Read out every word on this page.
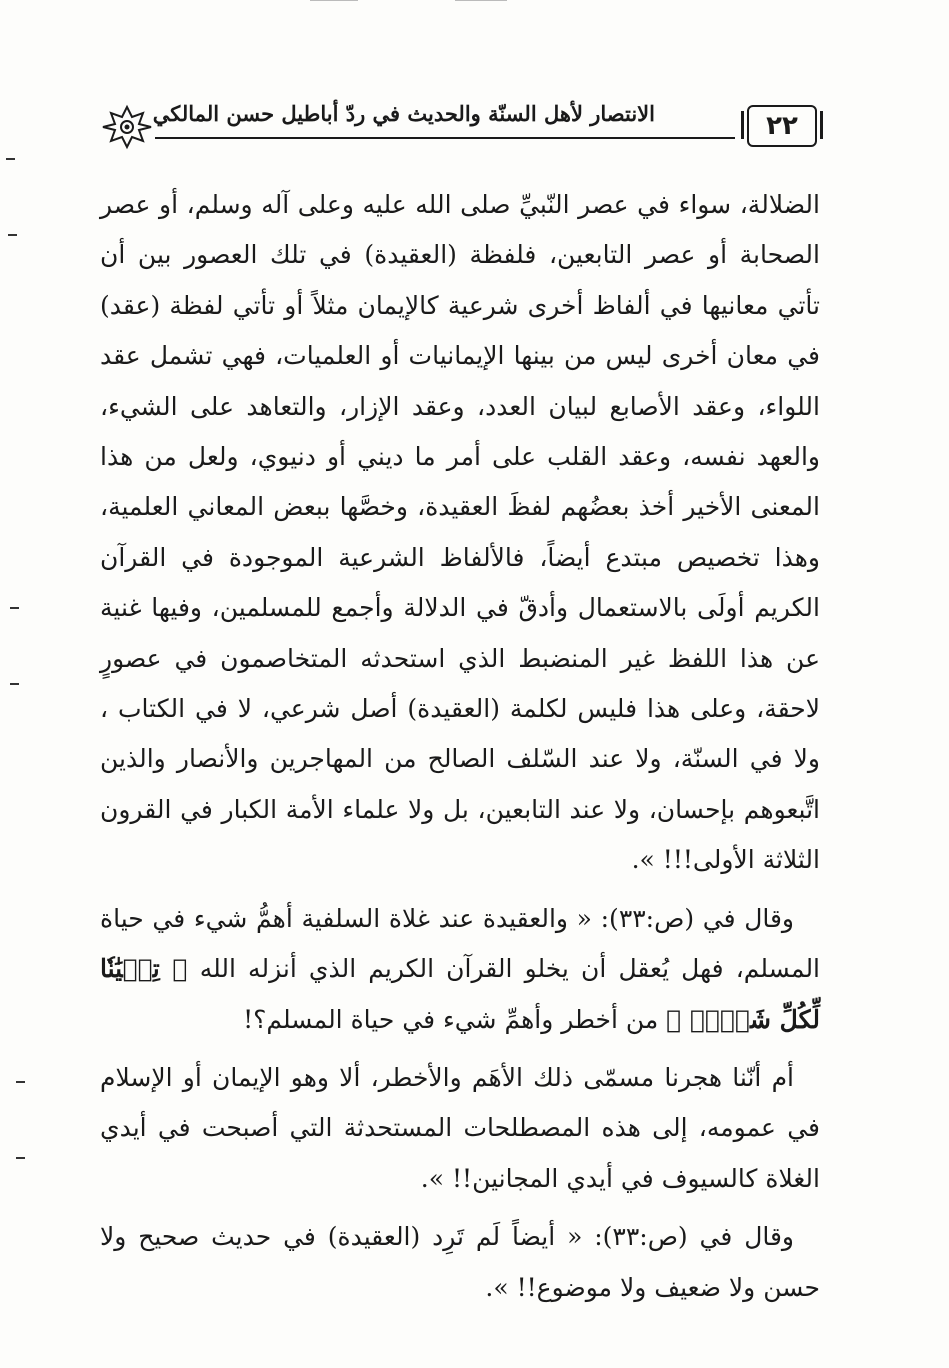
الانتصار لأهل السنّة والحديث في ردّ أباطيل حسن المالكي	٢٢

الضلالة، سواء في عصر النّبيِّ صلى الله عليه وعلى آله وسلم، أو عصر الصحابة أو عصر التابعين، فلفظة (العقيدة) في تلك العصور بين أن تأتي معانيها في ألفاظ أخرى شرعية كالإيمان مثلاً أو تأتي لفظة (عقد) في معان أخرى ليس من بينها الإيمانيات أو العلميات، فهي تشمل عقد اللواء، وعقد الأصابع لبيان العدد، وعقد الإزار، والتعاهد على الشيء، والعهد نفسه، وعقد القلب على أمر ما ديني أو دنيوي، ولعل من هذا المعنى الأخير أخذ بعضُهم لفظَ العقيدة، وخصَّها ببعض المعاني العلمية، وهذا تخصيص مبتدع أيضاً، فالألفاظ الشرعية الموجودة في القرآن الكريم أولَى بالاستعمال وأدقّ في الدلالة وأجمع للمسلمين، وفيها غنية عن هذا اللفظ غير المنضبط الذي استحدثه المتخاصمون في عصورٍ لاحقة، وعلى هذا فليس لكلمة (العقيدة) أصل شرعي، لا في الكتاب ، ولا في السنّة، ولا عند السّلف الصالح من المهاجرين والأنصار والذين اتَّبعوهم بإحسان، ولا عند التابعين، بل ولا علماء الأمة الكبار في القرون الثلاثة الأولى!!! ».

وقال في (ص:٣٣): « والعقيدة عند غلاة السلفية أهمُّ شيء في حياة المسلم، فهل يُعقل أن يخلو القرآن الكريم الذي أنزله الله ﴿ تِبۡيَٰنٗا لِّكُلِّ شَيۡءٖ ﴾ من أخطر وأهمِّ شيء في حياة المسلم؟!

أم أنّنا هجرنا مسمّى ذلك الأهَم والأخطر، ألا وهو الإيمان أو الإسلام في عمومه، إلى هذه المصطلحات المستحدثة التي أصبحت في أيدي الغلاة كالسيوف في أيدي المجانين!! ».

وقال في (ص:٣٣): « أيضاً لَم تَرِد (العقيدة) في حديث صحيح ولا حسن ولا ضعيف ولا موضوع!! ».
